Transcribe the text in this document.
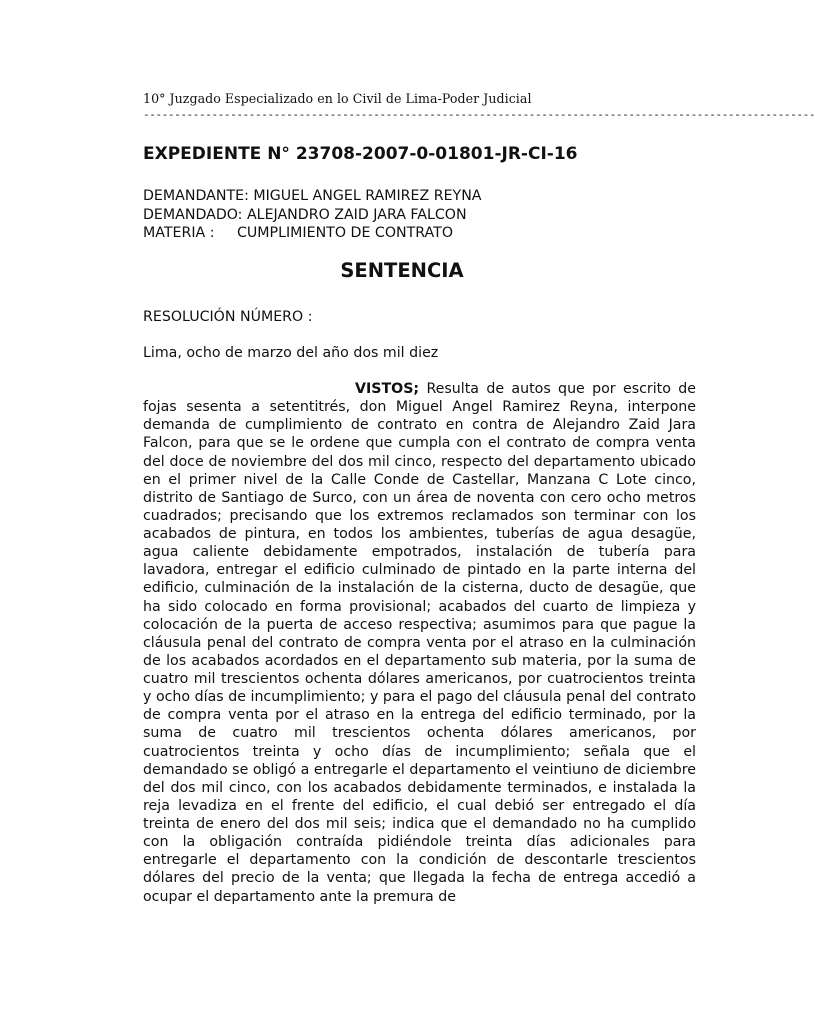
10° Juzgado Especializado en lo Civil de Lima-Poder Judicial
------------------------------------------------------------------------------------------------------------
EXPEDIENTE N° 23708-2007-0-01801-JR-CI-16
DEMANDANTE: MIGUEL ANGEL RAMIREZ REYNA
DEMANDADO: ALEJANDRO ZAID JARA FALCON
MATERIA : CUMPLIMIENTO DE CONTRATO
SENTENCIA
RESOLUCIÓN NÚMERO :
Lima, ocho de marzo del año dos mil diez
VISTOS; Resulta de autos que por escrito de fojas sesenta a setentitrés, don Miguel Angel Ramirez Reyna, interpone demanda de cumplimiento de contrato en contra de Alejandro Zaid Jara Falcon, para que se le ordene que cumpla con el contrato de compra venta del doce de noviembre del dos mil cinco, respecto del departamento ubicado en el primer nivel de la Calle Conde de Castellar, Manzana C Lote cinco, distrito de Santiago de Surco, con un área de noventa con cero ocho metros cuadrados; precisando que los extremos reclamados son terminar con los acabados de pintura, en todos los ambientes, tuberías de agua desagüe, agua caliente debidamente empotrados, instalación de tubería para lavadora, entregar el edificio culminado de pintado en la parte interna del edificio, culminación de la instalación de la cisterna, ducto de desagüe, que ha sido colocado en forma provisional; acabados del cuarto de limpieza y colocación de la puerta de acceso respectiva; asumimos para que pague la cláusula penal del contrato de compra venta por el atraso en la culminación de los acabados acordados en el departamento sub materia, por la suma de cuatro mil trescientos ochenta dólares americanos, por cuatrocientos treinta y ocho días de incumplimiento; y para el pago del cláusula penal del contrato de compra venta por el atraso en la entrega del edificio terminado, por la suma de cuatro mil trescientos ochenta dólares americanos, por cuatrocientos treinta y ocho días de incumplimiento; señala que el demandado se obligó a entregarle el departamento el veintiuno de diciembre del dos mil cinco, con los acabados debidamente terminados, e instalada la reja levadiza en el frente del edificio, el cual debió ser entregado el día treinta de enero del dos mil seis; indica que el demandado no ha cumplido con la obligación contraída pidiéndole treinta días adicionales para entregarle el departamento con la condición de descontarle trescientos dólares del precio de la venta; que llegada la fecha de entrega accedió a ocupar el departamento ante la premura de
